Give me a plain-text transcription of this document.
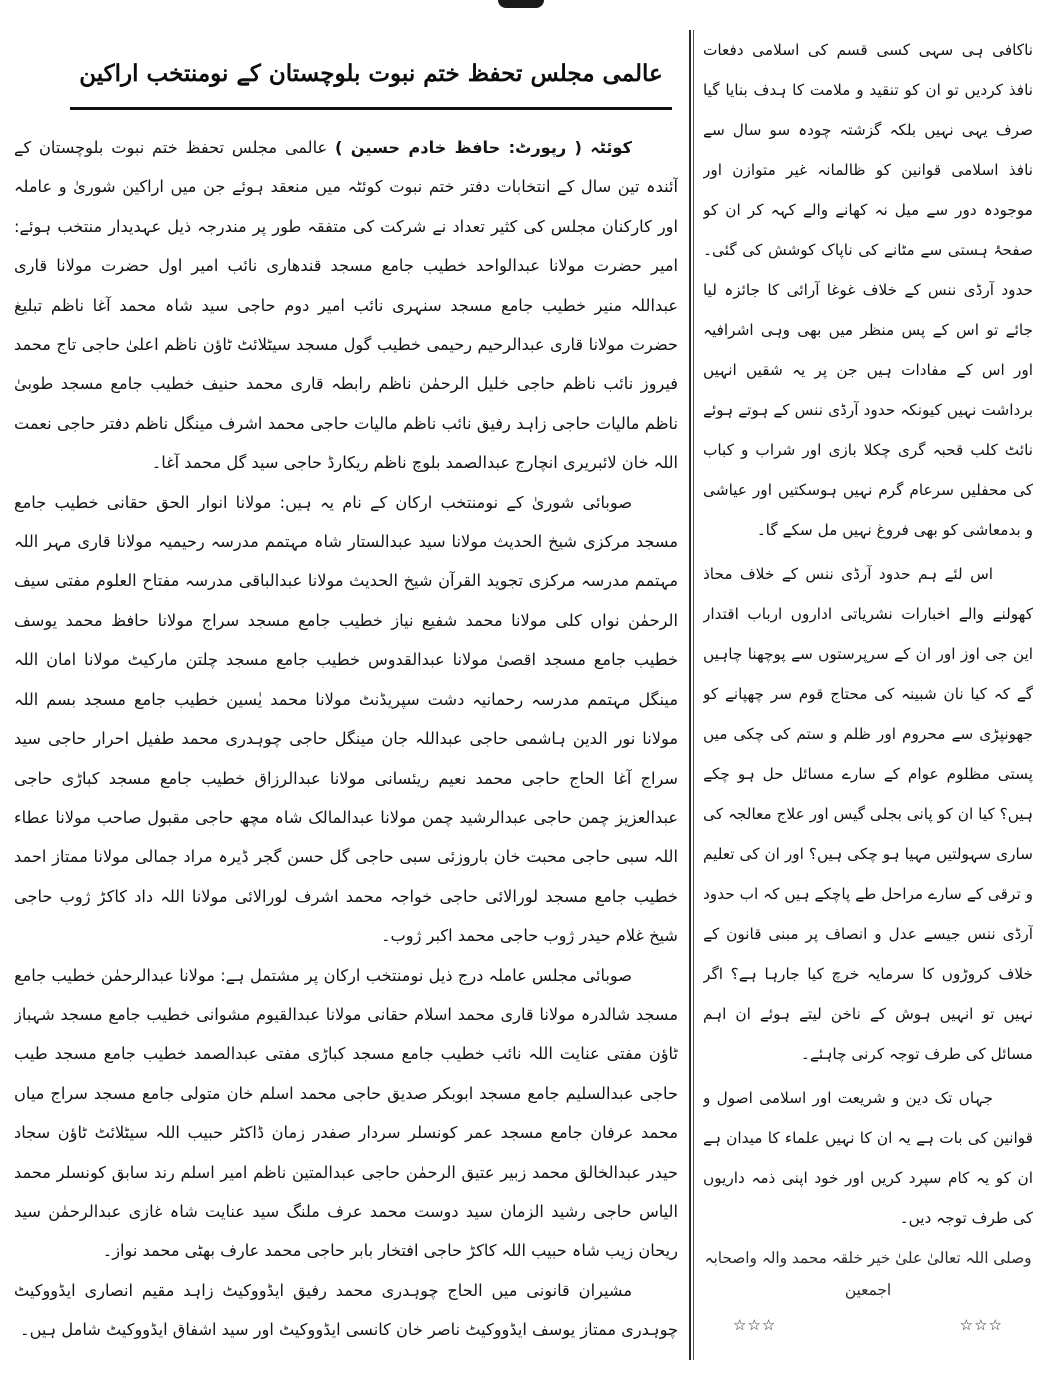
عالمی مجلس تحفظ ختم نبوت بلوچستان کے نومنتخب اراکین

کوئٹہ ( رپورٹ: حافظ خادم حسین ) عالمی مجلس تحفظ ختم نبوت بلوچستان کے آئندہ تین سال کے انتخابات دفتر ختم نبوت کوئٹہ میں منعقد ہوئے جن میں اراکین شوریٰ و عاملہ اور کارکنان مجلس کی کثیر تعداد نے شرکت کی متفقہ طور پر مندرجہ ذیل عہدیدار منتخب ہوئے: امیر حضرت مولانا عبدالواحد خطیب جامع مسجد قندھاری نائب امیر اول حضرت مولانا قاری عبداللہ منیر خطیب جامع مسجد سنہری نائب امیر دوم حاجی سید شاہ محمد آغا ناظم تبلیغ حضرت مولانا قاری عبدالرحیم رحیمی خطیب گول مسجد سیٹلائٹ ٹاؤن ناظم اعلیٰ حاجی تاج محمد فیروز نائب ناظم حاجی خلیل الرحمٰن ناظم رابطہ قاری محمد حنیف خطیب جامع مسجد طوبیٰ ناظم مالیات حاجی زاہد رفیق نائب ناظم مالیات حاجی محمد اشرف مینگل ناظم دفتر حاجی نعمت اللہ خان لائبریری انچارج عبدالصمد بلوچ ناظم ریکارڈ حاجی سید گل محمد آغا۔

صوبائی شوریٰ کے نومنتخب ارکان کے نام یہ ہیں: مولانا انوار الحق حقانی خطیب جامع مسجد مرکزی شیخ الحدیث مولانا سید عبدالستار شاہ مہتمم مدرسہ رحیمیہ مولانا قاری مہر اللہ مہتمم مدرسہ مرکزی تجوید القرآن شیخ الحدیث مولانا عبدالباقی مدرسہ مفتاح العلوم مفتی سیف الرحمٰن نواں کلی مولانا محمد شفیع نیاز خطیب جامع مسجد سراج مولانا حافظ محمد یوسف خطیب جامع مسجد اقصیٰ مولانا عبدالقدوس خطیب جامع مسجد چلتن مارکیٹ مولانا امان اللہ مینگل مہتمم مدرسہ رحمانیہ دشت سپریڈنٹ مولانا محمد یٰسین خطیب جامع مسجد بسم اللہ مولانا نور الدین ہاشمی حاجی عبداللہ جان مینگل حاجی چوہدری محمد طفیل احرار حاجی سید سراج آغا الحاج حاجی محمد نعیم ریئسانی مولانا عبدالرزاق خطیب جامع مسجد کباڑی حاجی عبدالعزیز چمن حاجی عبدالرشید چمن مولانا عبدالمالک شاہ مچھ حاجی مقبول صاحب مولانا عطاء اللہ سبی حاجی محبت خان باروزئی سبی حاجی گل حسن گجر ڈیرہ مراد جمالی مولانا ممتاز احمد خطیب جامع مسجد لورالائی حاجی خواجہ محمد اشرف لورالائی مولانا اللہ داد کاکڑ ژوب حاجی شیخ غلام حیدر ژوب حاجی محمد اکبر ژوب۔

صوبائی مجلس عاملہ درج ذیل نومنتخب ارکان پر مشتمل ہے: مولانا عبدالرحمٰن خطیب جامع مسجد شالدرہ مولانا قاری محمد اسلام حقانی مولانا عبدالقیوم مشوانی خطیب جامع مسجد شہباز ٹاؤن مفتی عنایت اللہ نائب خطیب جامع مسجد کباڑی مفتی عبدالصمد خطیب جامع مسجد طیب حاجی عبدالسلیم جامع مسجد ابوبکر صدیق حاجی محمد اسلم خان متولی جامع مسجد سراج میاں محمد عرفان جامع مسجد عمر کونسلر سردار صفدر زمان ڈاکٹر حبیب اللہ سیٹلائٹ ٹاؤن سجاد حیدر عبدالخالق محمد زبیر عتیق الرحمٰن حاجی عبدالمتین ناظم امیر اسلم رند سابق کونسلر محمد الیاس حاجی رشید الزمان سید دوست محمد عرف ملنگ سید عنایت شاہ غازی عبدالرحمٰن سید ریحان زیب شاہ حبیب اللہ کاکڑ حاجی افتخار بابر حاجی محمد عارف بھٹی محمد نواز۔

مشیران قانونی میں الحاج چوہدری محمد رفیق ایڈووکیٹ زاہد مقیم انصاری ایڈووکیٹ چوہدری ممتاز یوسف ایڈووکیٹ ناصر خان کانسی ایڈووکیٹ اور سید اشفاق ایڈووکیٹ شامل ہیں۔

ناکافی ہی سہی کسی قسم کی اسلامی دفعات نافذ کردیں تو ان کو تنقید و ملامت کا ہدف بنایا گیا صرف یہی نہیں بلکہ گزشتہ چودہ سو سال سے نافذ اسلامی قوانین کو ظالمانہ غیر متوازن اور موجودہ دور سے میل نہ کھانے والے کہہ کر ان کو صفحۂ ہستی سے مٹانے کی ناپاک کوشش کی گئی۔ حدود آرڈی ننس کے خلاف غوغا آرائی کا جائزہ لیا جائے تو اس کے پس منظر میں بھی وہی اشرافیہ اور اس کے مفادات ہیں جن پر یہ شقیں انہیں برداشت نہیں کیونکہ حدود آرڈی ننس کے ہوتے ہوئے نائٹ کلب قحبہ گری چکلا بازی اور شراب و کباب کی محفلیں سرعام گرم نہیں ہوسکتیں اور عیاشی و بدمعاشی کو بھی فروغ نہیں مل سکے گا۔

اس لئے ہم حدود آرڈی ننس کے خلاف محاذ کھولنے والے اخبارات نشریاتی اداروں ارباب اقتدار این جی اوز اور ان کے سرپرستوں سے پوچھنا چاہیں گے کہ کیا نان شبینہ کی محتاج قوم سر چھپانے کو جھونپڑی سے محروم اور ظلم و ستم کی چکی میں پستی مظلوم عوام کے سارے مسائل حل ہو چکے ہیں؟ کیا ان کو پانی بجلی گیس اور علاج معالجہ کی ساری سہولتیں مہیا ہو چکی ہیں؟ اور ان کی تعلیم و ترقی کے سارے مراحل طے پاچکے ہیں کہ اب حدود آرڈی ننس جیسے عدل و انصاف پر مبنی قانون کے خلاف کروڑوں کا سرمایہ خرچ کیا جارہا ہے؟ اگر نہیں تو انہیں ہوش کے ناخن لیتے ہوئے ان اہم مسائل کی طرف توجہ کرنی چاہئے۔

جہاں تک دین و شریعت اور اسلامی اصول و قوانین کی بات ہے یہ ان کا نہیں علماء کا میدان ہے ان کو یہ کام سپرد کریں اور خود اپنی ذمہ داریوں کی طرف توجہ دیں۔

وصلی اللہ تعالیٰ علیٰ خیر خلقہ محمد والہ واصحابہ اجمعین
☆☆☆	☆☆☆
